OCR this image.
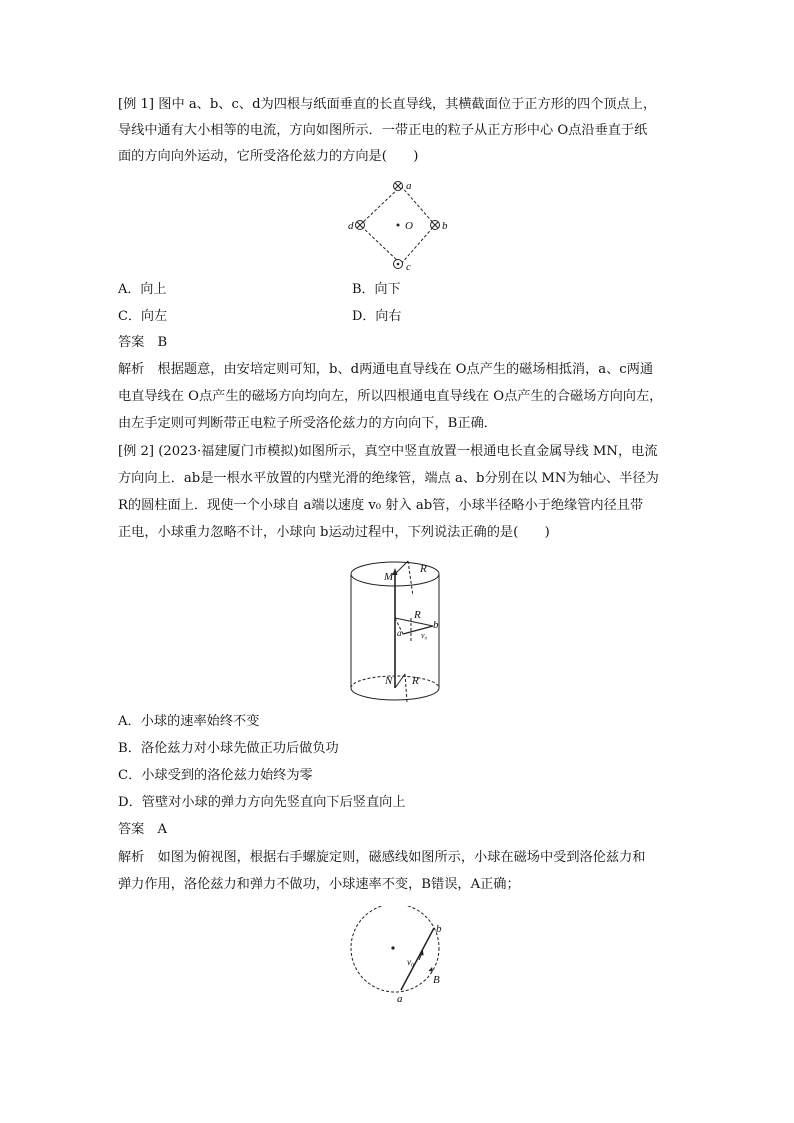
[例 1] 图中 a、b、c、d为四根与纸面垂直的长直导线，其横截面位于正方形的四个顶点上，
导线中通有大小相等的电流，方向如图所示．一带正电的粒子从正方形中心 O点沿垂直于纸
面的方向向外运动，它所受洛伦兹力的方向是(　　)
a
d	b
c
O
A．向上	B．向下
C．向左	D．向右
答案　B
解析　根据题意，由安培定则可知，b、d两通电直导线在 O点产生的磁场相抵消，a、c两通
电直导线在 O点产生的磁场方向均向左，所以四根通电直导线在 O点产生的合磁场方向向左，
由左手定则可判断带正电粒子所受洛伦兹力的方向向下，B正确．
[例 2] (2023·福建厦门市模拟)如图所示，真空中竖直放置一根通电长直金属导线 MN，电流
方向向上．ab是一根水平放置的内壁光滑的绝缘管，端点 a、b分别在以 MN为轴心、半径为
R的圆柱面上．现使一个小球自 a端以速度 v₀ 射入 ab管，小球半径略小于绝缘管内径且带
正电，小球重力忽略不计，小球向 b运动过程中，下列说法正确的是(　　)
M
R
R
a
b
v₀
N R
A．小球的速率始终不变
B．洛伦兹力对小球先做正功后做负功
C．小球受到的洛伦兹力始终为零
D．管壁对小球的弹力方向先竖直向下后竖直向上
答案　A
解析　如图为俯视图，根据右手螺旋定则，磁感线如图所示，小球在磁场中受到洛伦兹力和
弹力作用，洛伦兹力和弹力不做功，小球速率不变，B错误，A正确；
b
a
v₀
B
